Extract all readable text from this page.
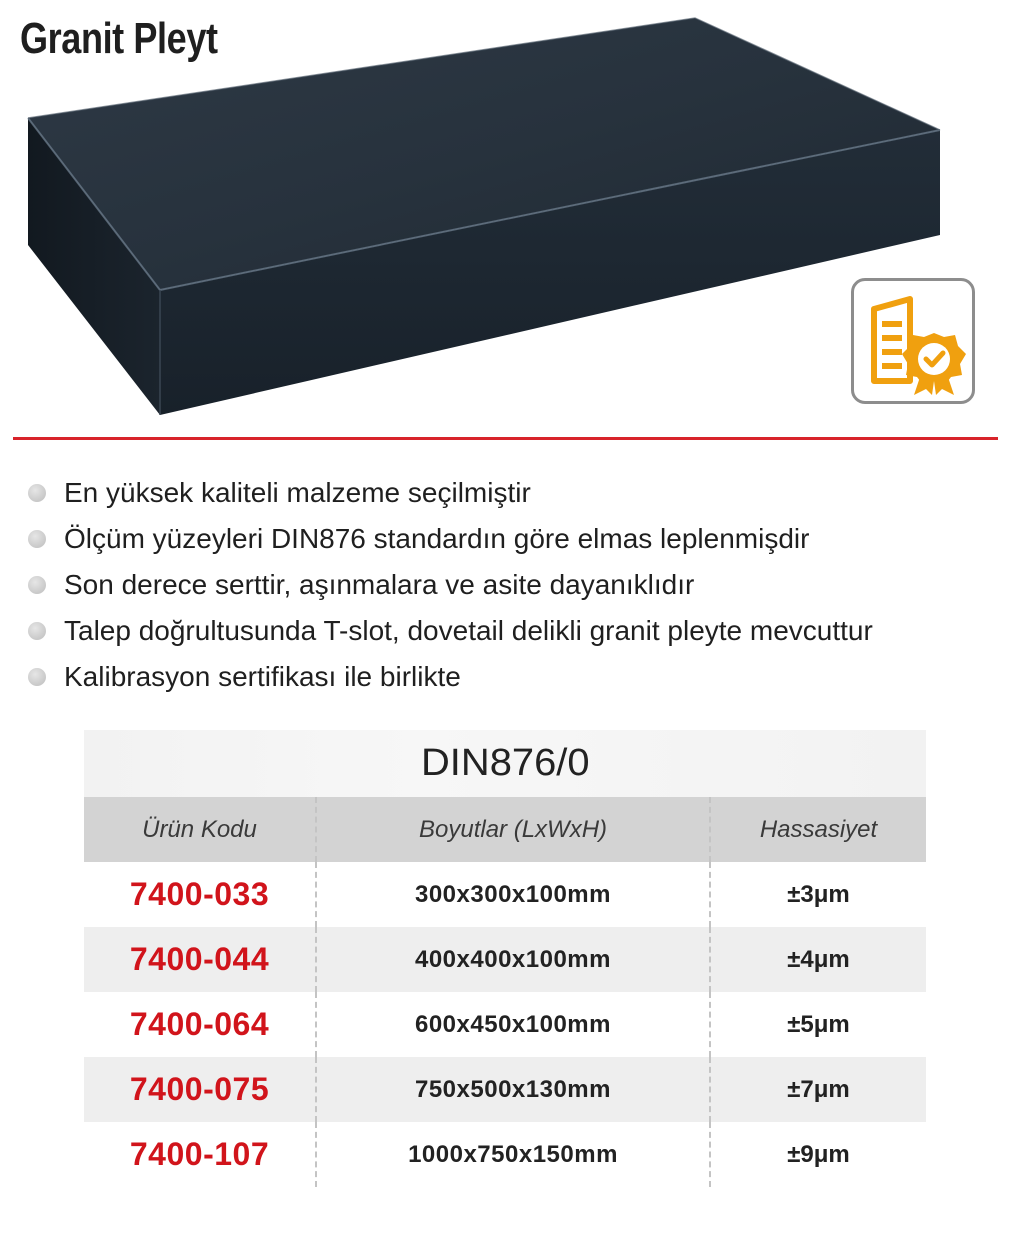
Granit Pleyt
En yüksek kaliteli malzeme seçilmiştir
Ölçüm yüzeyleri DIN876 standardın göre elmas leplenmişdir
Son derece serttir, aşınmalara ve asite dayanıklıdır
Talep doğrultusunda T-slot, dovetail delikli granit pleyte mevcuttur
Kalibrasyon sertifikası ile birlikte
DIN876/0
Ürün Kodu	Boyutlar (LxWxH)	Hassasiyet
7400-033	300x300x100mm	±3μm
7400-044	400x400x100mm	±4μm
7400-064	600x450x100mm	±5μm
7400-075	750x500x130mm	±7μm
7400-107	1000x750x150mm	±9μm
